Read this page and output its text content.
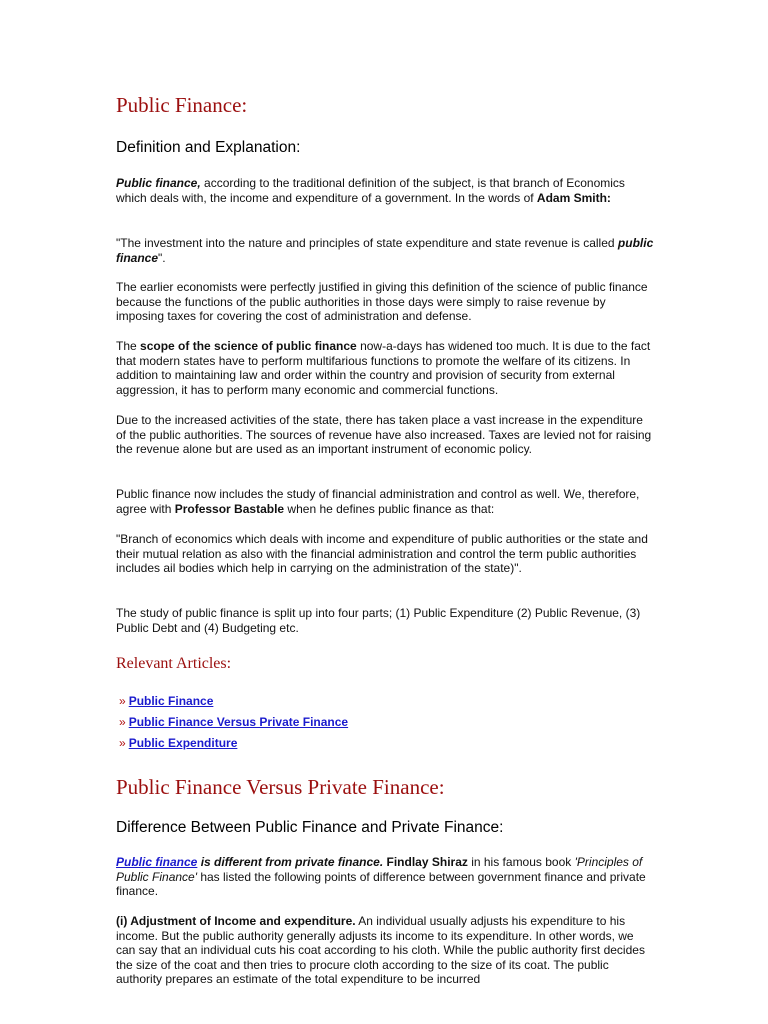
Public Finance:
Definition and Explanation:

Public finance, according to the traditional definition of the subject, is that branch of Economics which deals with, the income and expenditure of a government. In the words of Adam Smith:

"The investment into the nature and principles of state expenditure and state revenue is called public finance".

The earlier economists were perfectly justified in giving this definition of the science of public finance because the functions of the public authorities in those days were simply to raise revenue by imposing taxes for covering the cost of administration and defense.

The scope of the science of public finance now-a-days has widened too much. It is due to the fact that modern states have to perform multifarious functions to promote the welfare of its citizens. In addition to maintaining law and order within the country and provision of security from external aggression, it has to perform many economic and commercial functions.

Due to the increased activities of the state, there has taken place a vast increase in the expenditure of the public authorities. The sources of revenue have also increased. Taxes are levied not for raising the revenue alone but are used as an important instrument of economic policy.

Public finance now includes the study of financial administration and control as well. We, therefore, agree with Professor Bastable when he defines public finance as that:

"Branch of economics which deals with income and expenditure of public authorities or the state and their mutual relation as also with the financial administration and control the term public authorities includes ail bodies which help in carrying on the administration of the state)".

The study of public finance is split up into four parts; (1) Public Expenditure (2) Public Revenue, (3) Public Debt and (4) Budgeting etc.

Relevant Articles:
» Public Finance
» Public Finance Versus Private Finance
» Public Expenditure
Public Finance Versus Private Finance:
Difference Between Public Finance and Private Finance:

Public finance is different from private finance. Findlay Shiraz in his famous book 'Principles of Public Finance' has listed the following points of difference between government finance and private finance.

(i) Adjustment of Income and expenditure. An individual usually adjusts his expenditure to his income. But the public authority generally adjusts its income to its expenditure. In other words, we can say that an individual cuts his coat according to his cloth. While the public authority first decides the size of the coat and then tries to procure cloth according to the size of its coat. The public authority prepares an estimate of the total expenditure to be incurred
